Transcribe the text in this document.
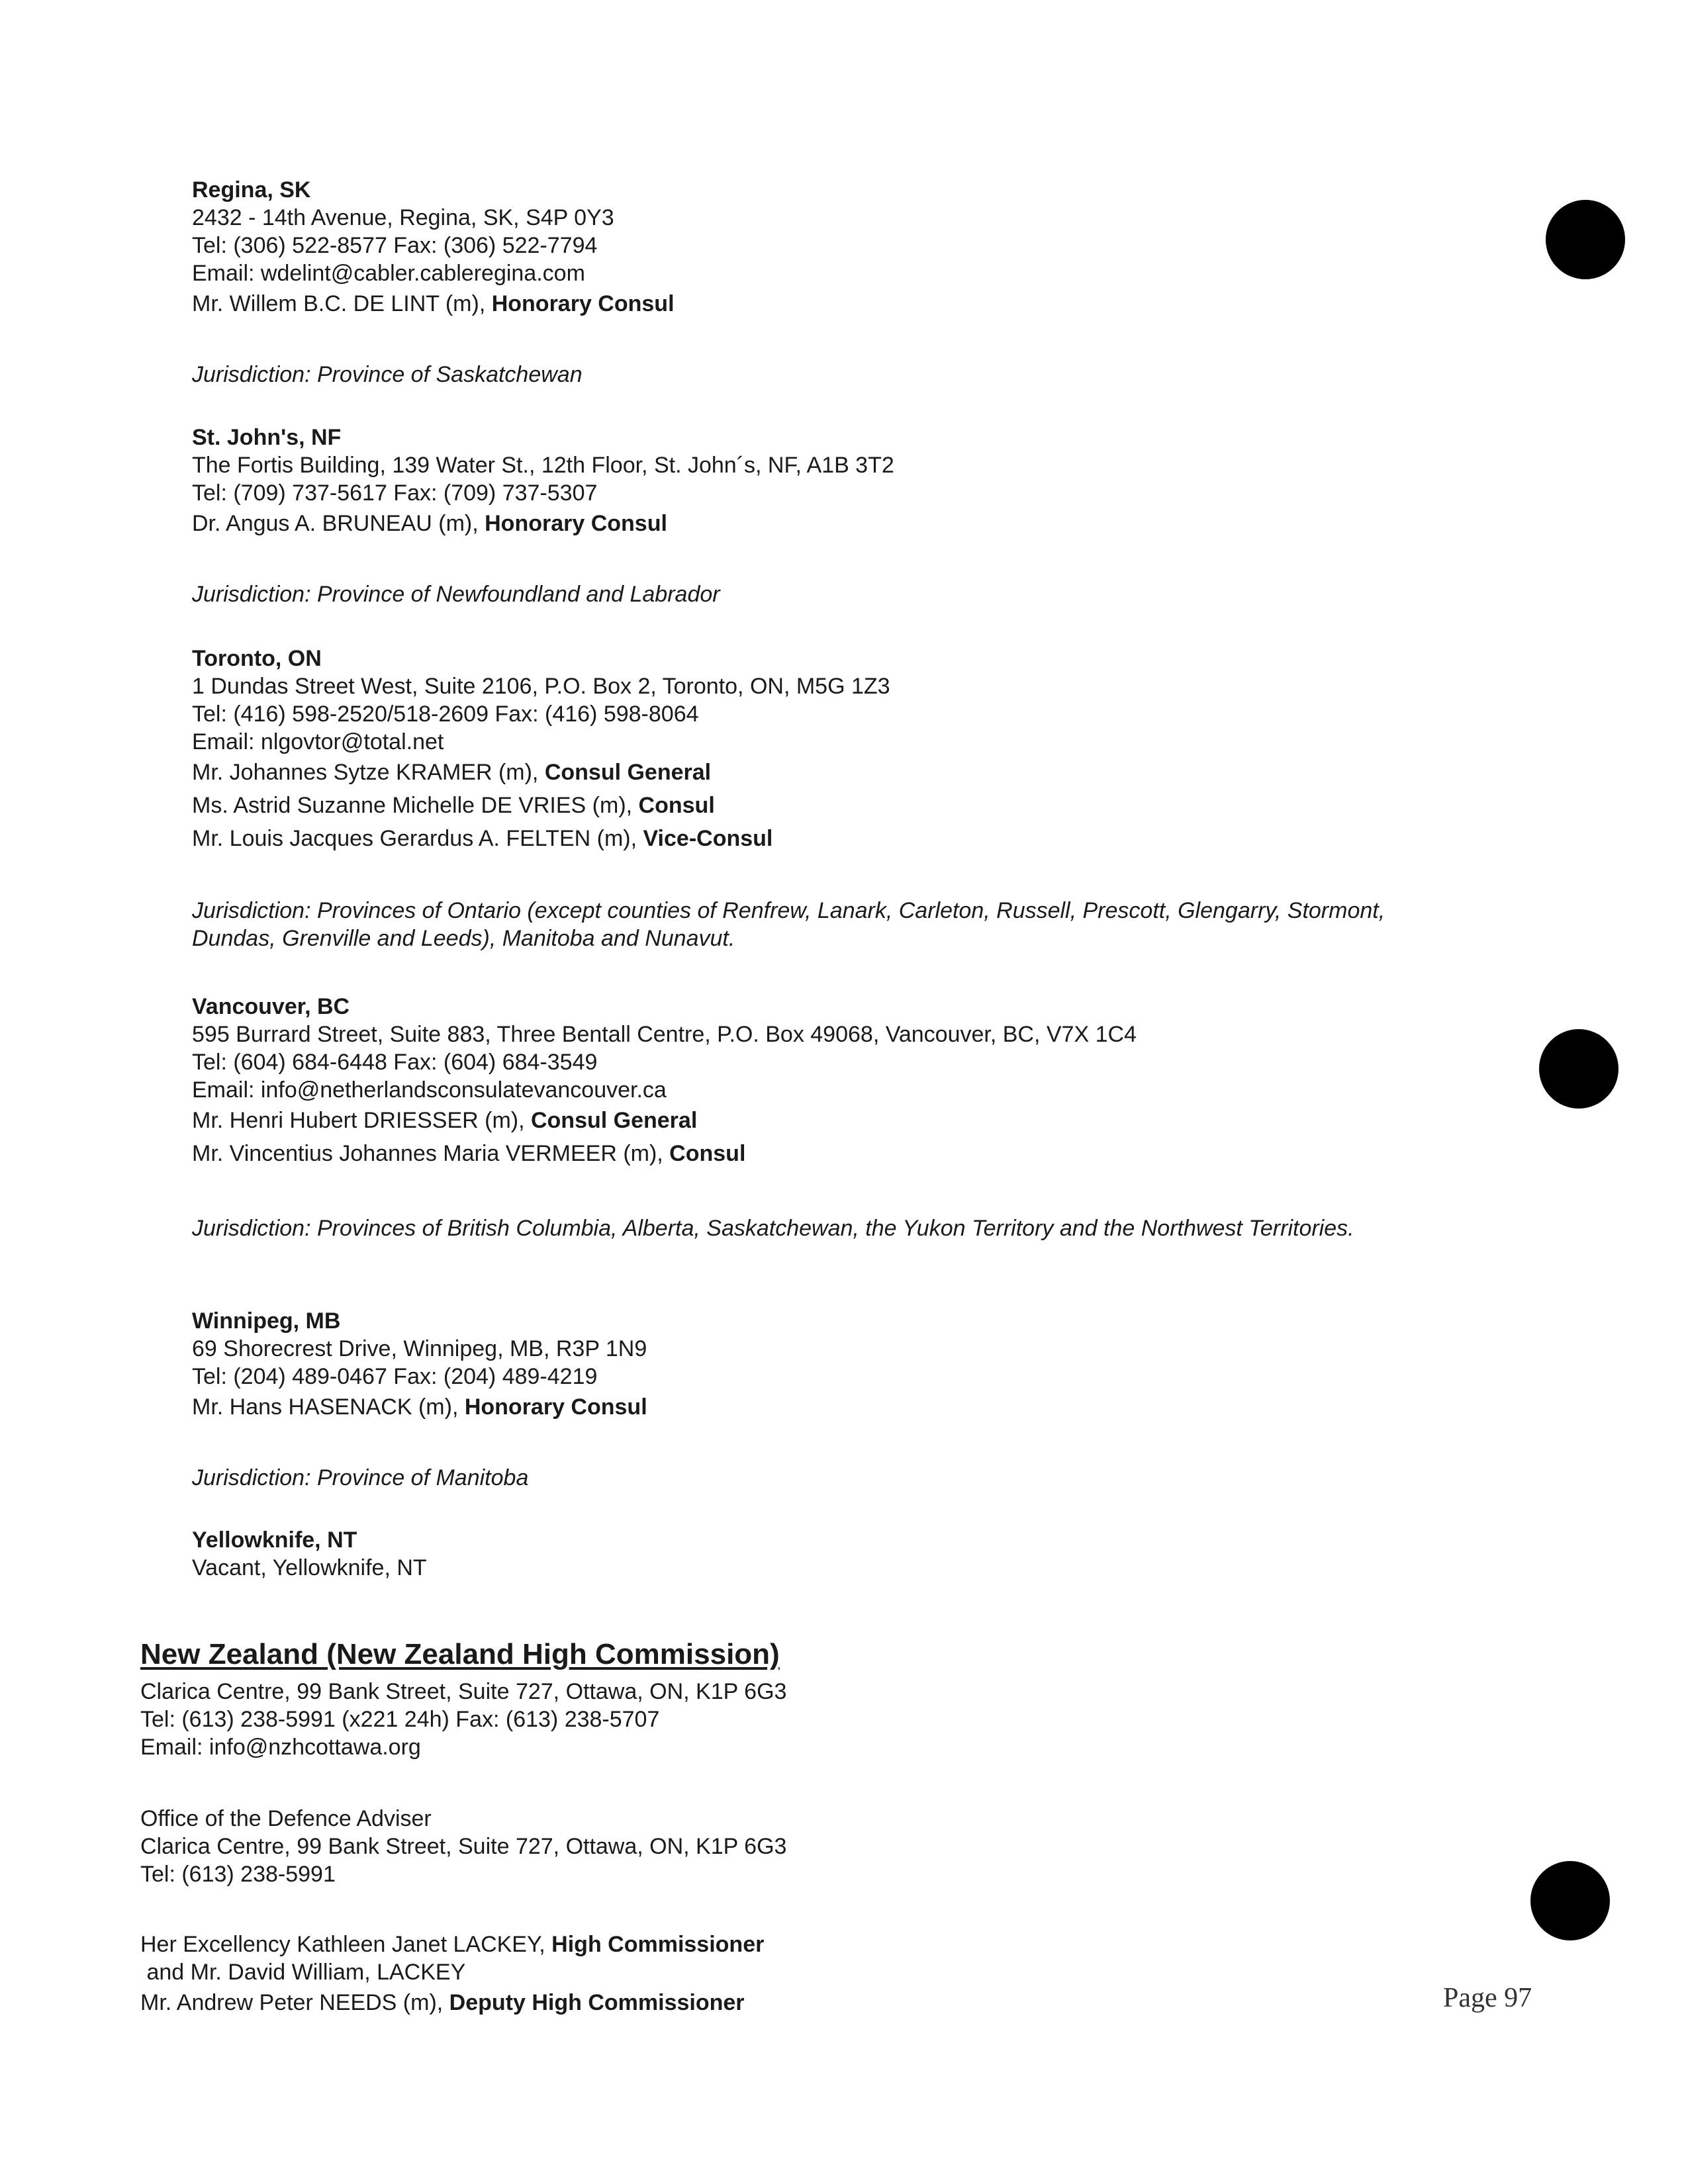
Regina, SK
2432 - 14th Avenue, Regina, SK, S4P 0Y3
Tel: (306) 522-8577 Fax: (306) 522-7794
Email: wdelint@cabler.cableregina.com
Mr. Willem B.C. DE LINT (m), Honorary Consul
Jurisdiction: Province of Saskatchewan
St. John's, NF
The Fortis Building, 139 Water St., 12th Floor, St. John´s, NF, A1B 3T2
Tel: (709) 737-5617 Fax: (709) 737-5307
Dr. Angus A. BRUNEAU (m), Honorary Consul
Jurisdiction: Province of Newfoundland and Labrador
Toronto, ON
1 Dundas Street West, Suite 2106, P.O. Box 2, Toronto, ON, M5G 1Z3
Tel: (416) 598-2520/518-2609 Fax: (416) 598-8064
Email: nlgovtor@total.net
Mr. Johannes Sytze KRAMER (m), Consul General
Ms. Astrid Suzanne Michelle DE VRIES (m), Consul
Mr. Louis Jacques Gerardus A. FELTEN (m), Vice-Consul
Jurisdiction: Provinces of Ontario (except counties of Renfrew, Lanark, Carleton, Russell, Prescott, Glengarry, Stormont,
Dundas, Grenville and Leeds), Manitoba and Nunavut.
Vancouver, BC
595 Burrard Street, Suite 883, Three Bentall Centre, P.O. Box 49068, Vancouver, BC, V7X 1C4
Tel: (604) 684-6448 Fax: (604) 684-3549
Email: info@netherlandsconsulatevancouver.ca
Mr. Henri Hubert DRIESSER (m), Consul General
Mr. Vincentius Johannes Maria VERMEER (m), Consul
Jurisdiction: Provinces of British Columbia, Alberta, Saskatchewan, the Yukon Territory and the Northwest Territories.
Winnipeg, MB
69 Shorecrest Drive, Winnipeg, MB, R3P 1N9
Tel: (204) 489-0467 Fax: (204) 489-4219
Mr. Hans HASENACK (m), Honorary Consul
Jurisdiction: Province of Manitoba
Yellowknife, NT
Vacant, Yellowknife, NT
New Zealand (New Zealand High Commission)
Clarica Centre, 99 Bank Street, Suite 727, Ottawa, ON, K1P 6G3
Tel: (613) 238-5991 (x221 24h) Fax: (613) 238-5707
Email: info@nzhcottawa.org
Office of the Defence Adviser
Clarica Centre, 99 Bank Street, Suite 727, Ottawa, ON, K1P 6G3
Tel: (613) 238-5991
Her Excellency Kathleen Janet LACKEY, High Commissioner
and Mr. David William, LACKEY
Mr. Andrew Peter NEEDS (m), Deputy High Commissioner	Page 97
